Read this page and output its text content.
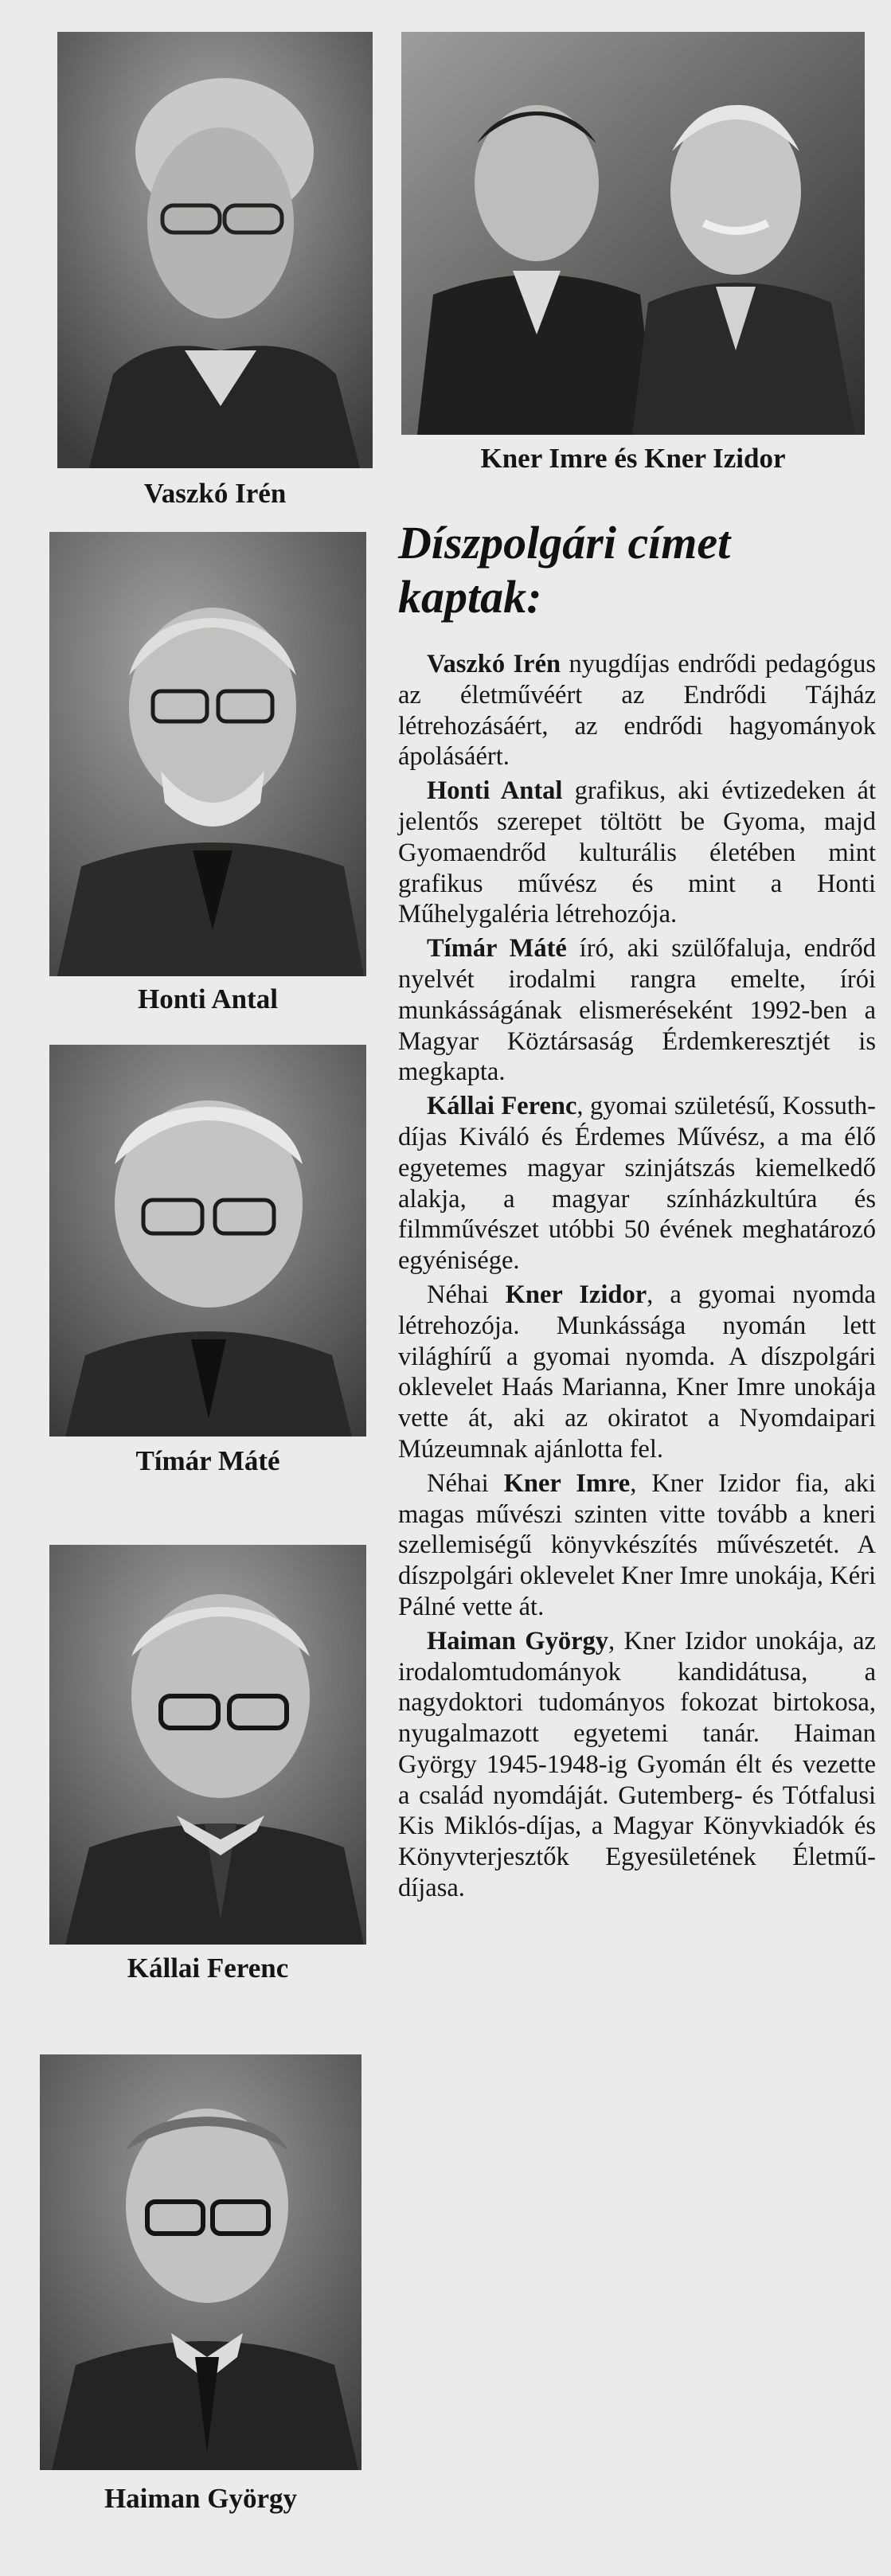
Vaszkó Irén
Kner Imre és Kner Izidor
Díszpolgári címet
kaptak:
Honti Antal
Tímár Máté
Kállai Ferenc
Haiman György

Vaszkó Irén nyugdíjas endrődi pedagógus az életművéért az Endrődi Tájház létrehozásáért, az endrődi hagyományok ápolásáért.

Honti Antal grafikus, aki évtizedeken át jelentős szerepet töltött be Gyoma, majd Gyomaendrőd kulturális életében mint grafikus művész és mint a Honti Műhelygaléria létrehozója.

Tímár Máté író, aki szülőfaluja, endrőd nyelvét irodalmi rangra emelte, írói munkásságának elismeréseként 1992-ben a Magyar Köztársaság Érdemkeresztjét is megkapta.

Kállai Ferenc, gyomai születésű, Kossuth-díjas Kiváló és Érdemes Művész, a ma élő egyetemes magyar szinjátszás kiemelkedő alakja, a magyar színházkultúra és filmművészet utóbbi 50 évének meghatározó egyénisége.

Néhai Kner Izidor, a gyomai nyomda létrehozója. Munkássága nyomán lett világhírű a gyomai nyomda. A díszpolgári oklevelet Haás Marianna, Kner Imre unokája vette át, aki az okiratot a Nyomdaipari Múzeumnak ajánlotta fel.

Néhai Kner Imre, Kner Izidor fia, aki magas művészi szinten vitte tovább a kneri szellemiségű könyvkészítés művészetét. A díszpolgári oklevelet Kner Imre unokája, Kéri Pálné vette át.

Haiman György, Kner Izidor unokája, az irodalomtudományok kandidátusa, a nagydoktori tudományos fokozat birtokosa, nyugalmazott egyetemi tanár. Haiman György 1945-1948-ig Gyomán élt és vezette a család nyomdáját. Gutemberg- és Tótfalusi Kis Miklós-díjas, a Magyar Könyvkiadók és Könyvterjesztők Egyesületének Életmű-díjasa.
